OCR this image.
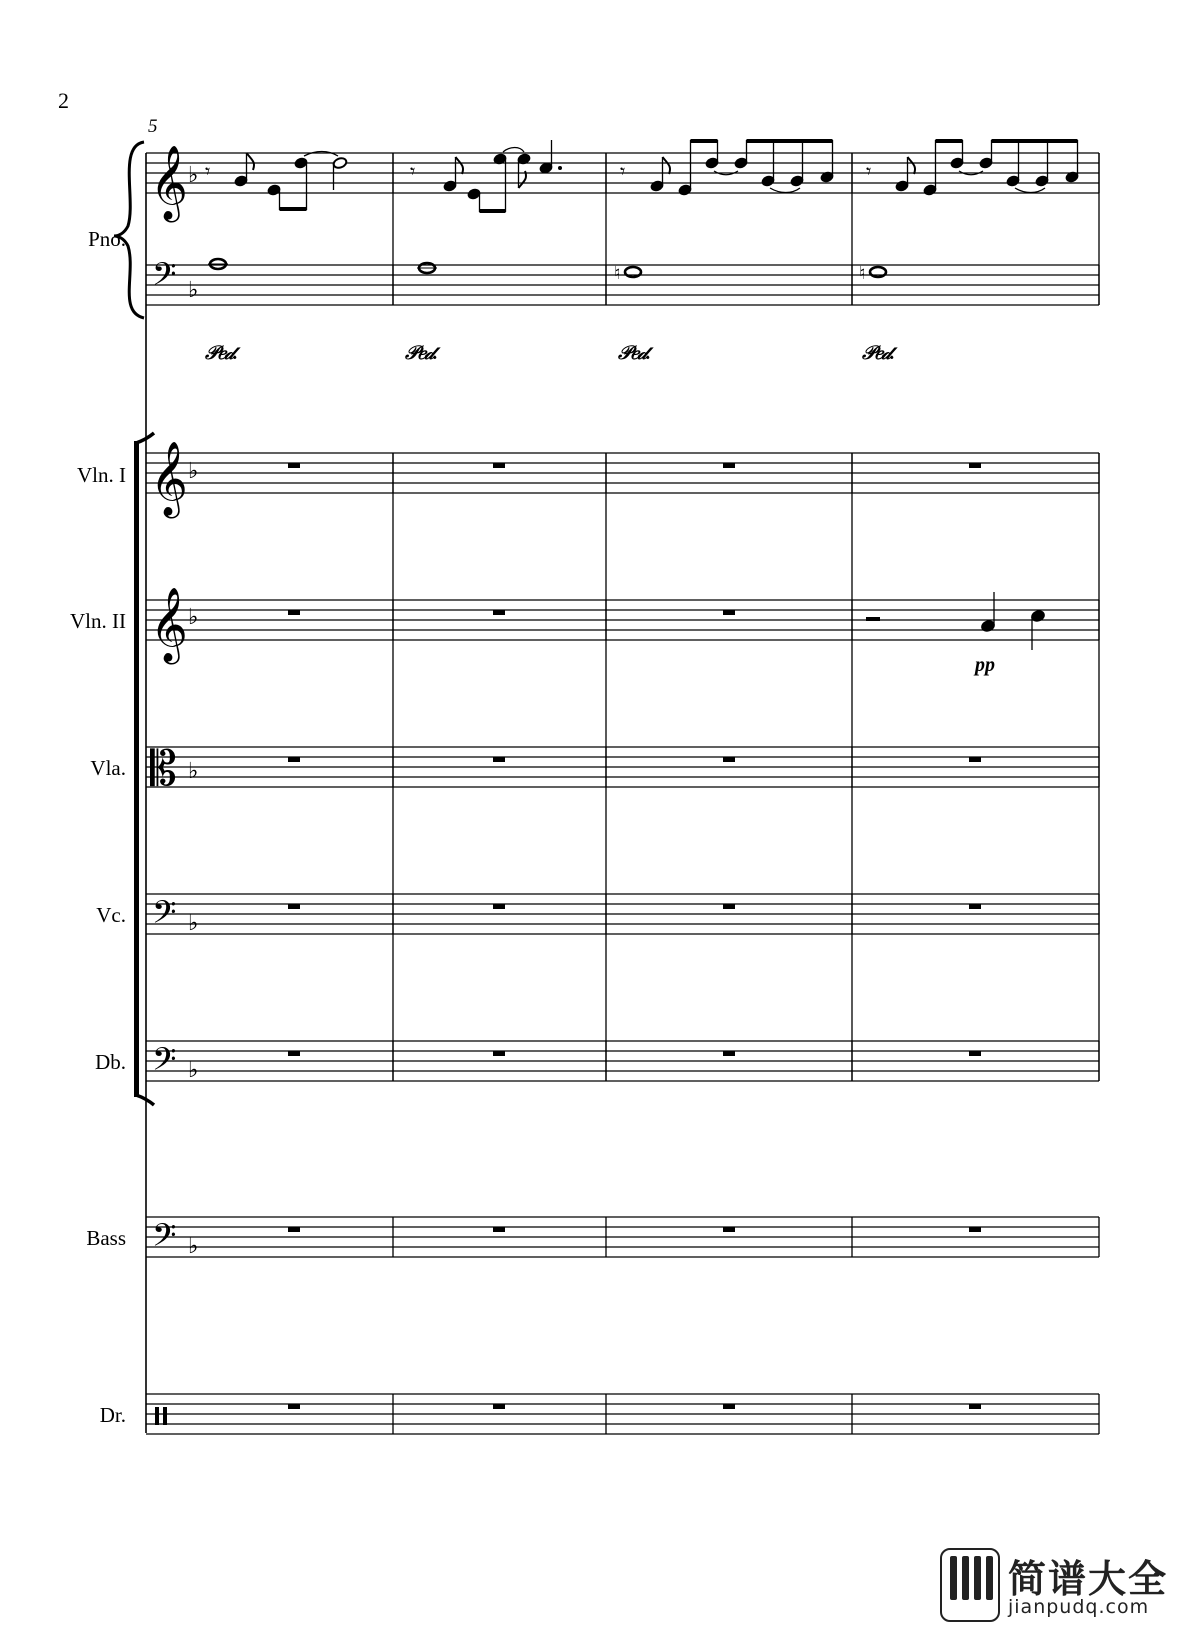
2
5
Pno.
Vln. I
Vln. II
Vla.
Vc.
Db.
Bass
Dr.
𝒫𝑒𝒹.	𝒫𝑒𝒹.	𝒫𝑒𝒹.	𝒫𝑒𝒹.
pp
𝄞
𝄢
𝄞
𝄞
𝄡
𝄢
𝄢
𝄢
♭
♭
♭
♭
♭
♭
♭
♭
𝄾	𝄾	𝄾	𝄾
♮	♮
简谱大全
jianpudq.com
